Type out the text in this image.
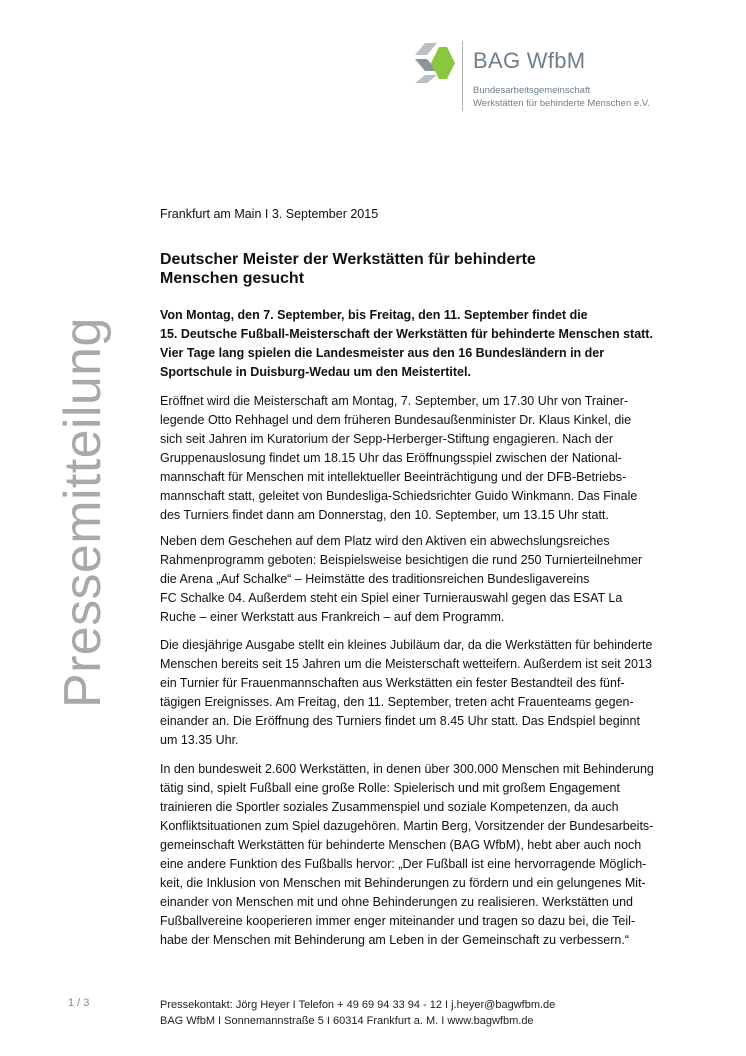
BAG WfbM
Bundesarbeitsgemeinschaft
Werkstätten für behinderte Menschen e.V.
Pressemitteilung
Frankfurt am Main I 3. September 2015
Deutscher Meister der Werkstätten für behinderte
Menschen gesucht

Von Montag, den 7. September, bis Freitag, den 11. September findet die
15. Deutsche Fußball-Meisterschaft der Werkstätten für behinderte Menschen statt.
Vier Tage lang spielen die Landesmeister aus den 16 Bundesländern in der
Sportschule in Duisburg-Wedau um den Meistertitel.

Eröffnet wird die Meisterschaft am Montag, 7. September, um 17.30 Uhr von Trainer-
legende Otto Rehhagel und dem früheren Bundesaußenminister Dr. Klaus Kinkel, die
sich seit Jahren im Kuratorium der Sepp-Herberger-Stiftung engagieren. Nach der
Gruppenauslosung findet um 18.15 Uhr das Eröffnungsspiel zwischen der National-
mannschaft für Menschen mit intellektueller Beeinträchtigung und der DFB-Betriebs-
mannschaft statt, geleitet von Bundesliga-Schiedsrichter Guido Winkmann. Das Finale
des Turniers findet dann am Donnerstag, den 10. September, um 13.15 Uhr statt.

Neben dem Geschehen auf dem Platz wird den Aktiven ein abwechslungsreiches
Rahmenprogramm geboten: Beispielsweise besichtigen die rund 250 Turnierteilnehmer
die Arena „Auf Schalke“ – Heimstätte des traditionsreichen Bundesligavereins
FC Schalke 04. Außerdem steht ein Spiel einer Turnierauswahl gegen das ESAT La
Ruche – einer Werkstatt aus Frankreich – auf dem Programm.

Die diesjährige Ausgabe stellt ein kleines Jubiläum dar, da die Werkstätten für behinderte
Menschen bereits seit 15 Jahren um die Meisterschaft wetteifern. Außerdem ist seit 2013
ein Turnier für Frauenmannschaften aus Werkstätten ein fester Bestandteil des fünf-
tägigen Ereignisses. Am Freitag, den 11. September, treten acht Frauenteams gegen-
einander an. Die Eröffnung des Turniers findet um 8.45 Uhr statt. Das Endspiel beginnt
um 13.35 Uhr.

In den bundesweit 2.600 Werkstätten, in denen über 300.000 Menschen mit Behinderung
tätig sind, spielt Fußball eine große Rolle: Spielerisch und mit großem Engagement
trainieren die Sportler soziales Zusammenspiel und soziale Kompetenzen, da auch
Konfliktsituationen zum Spiel dazugehören. Martin Berg, Vorsitzender der Bundesarbeits-
gemeinschaft Werkstätten für behinderte Menschen (BAG WfbM), hebt aber auch noch
eine andere Funktion des Fußballs hervor: „Der Fußball ist eine hervorragende Möglich-
keit, die Inklusion von Menschen mit Behinderungen zu fördern und ein gelungenes Mit-
einander von Menschen mit und ohne Behinderungen zu realisieren. Werkstätten und
Fußballvereine kooperieren immer enger miteinander und tragen so dazu bei, die Teil-
habe der Menschen mit Behinderung am Leben in der Gemeinschaft zu verbessern.“

1 / 3	Pressekontakt: Jörg Heyer I Telefon + 49 69 94 33 94 - 12 I j.heyer@bagwfbm.de
BAG WfbM I Sonnemannstraße 5 I 60314 Frankfurt a. M. I www.bagwfbm.de
